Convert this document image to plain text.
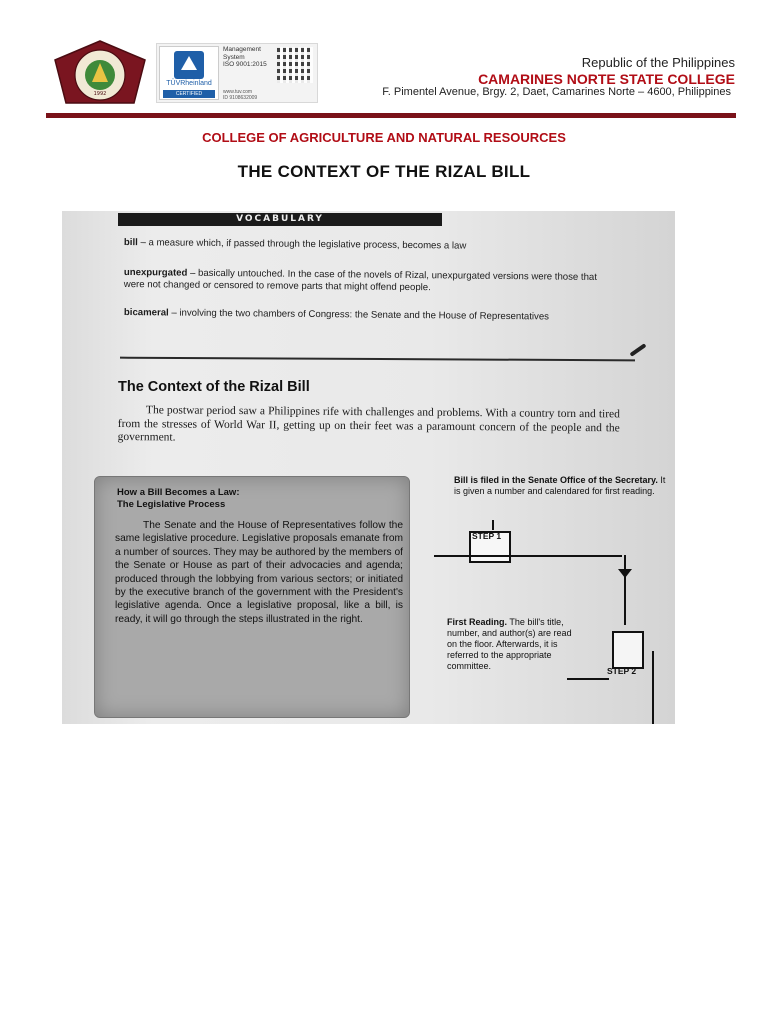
1992
TÜVRheinland
CERTIFIED
Management
System
ISO 9001:2015
www.tuv.com
ID 9108632009
Republic of the Philippines
CAMARINES NORTE STATE COLLEGE
F. Pimentel Avenue, Brgy. 2, Daet, Camarines Norte – 4600, Philippines
COLLEGE OF AGRICULTURE AND NATURAL RESOURCES
THE CONTEXT OF THE RIZAL BILL
VOCABULARY
bill – a measure which, if passed through the legislative process, becomes a law
unexpurgated – basically untouched. In the case of the novels of Rizal, unexpurgated versions were those that were not changed or censored to remove parts that might offend people.
bicameral – involving the two chambers of Congress: the Senate and the House of Representatives
The Context of the Rizal Bill
The postwar period saw a Philippines rife with challenges and problems. With a country torn and tired from the stresses of World War II, getting up on their feet was a paramount concern of the people and the government.
How a Bill Becomes a Law:
The Legislative Process
The Senate and the House of Representatives follow the same legislative procedure. Legislative proposals emanate from a number of sources. They may be authored by the members of the Senate or House as part of their advocacies and agenda; produced through the lobbying from various sectors; or initiated by the executive branch of the government with the President's legislative agenda. Once a legislative proposal, like a bill, is ready, it will go through the steps illustrated in the right.
Bill is filed in the Senate Office of the Secretary. It is given a number and calendared for first reading.
STEP 1
First Reading. The bill's title, number, and author(s) are read on the floor. Afterwards, it is referred to the appropriate committee.	STEP 2
